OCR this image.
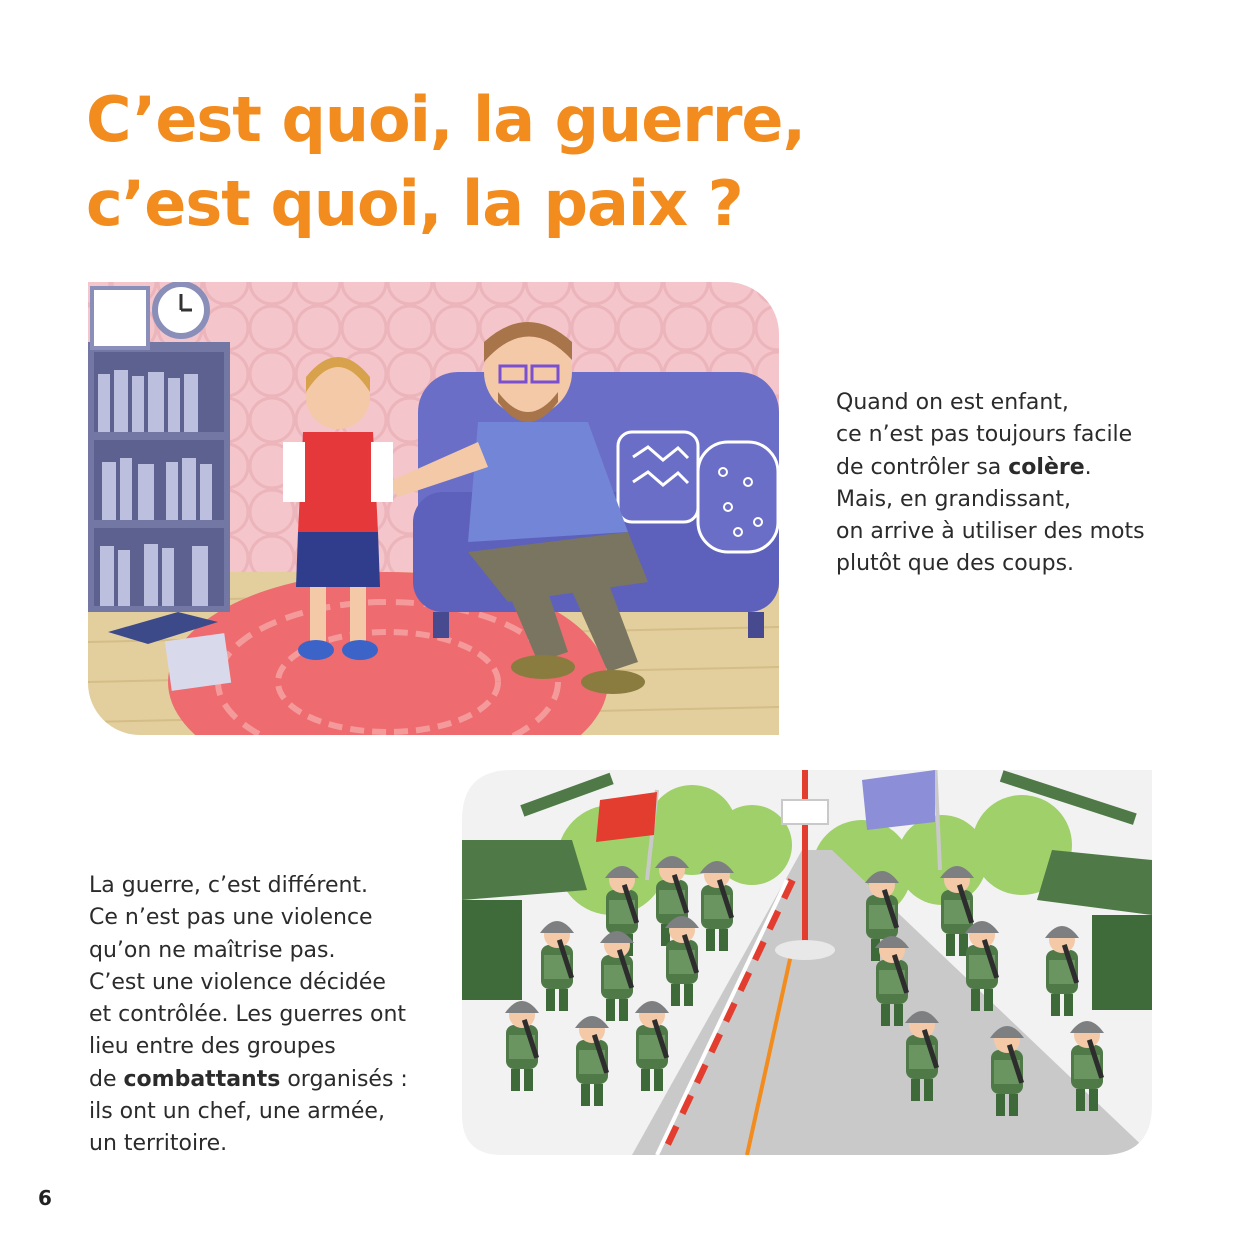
C’est quoi, la guerre,
c’est quoi, la paix ?

Quand on est enfant,
ce n’est pas toujours facile
de contrôler sa colère.
Mais, en grandissant,
on arrive à utiliser des mots
plutôt que des coups.

La guerre, c’est différent.
Ce n’est pas une violence
qu’on ne maîtrise pas.
C’est une violence décidée
et contrôlée. Les guerres ont
lieu entre des groupes
de combattants organisés :
ils ont un chef, une armée,
un territoire.

6
